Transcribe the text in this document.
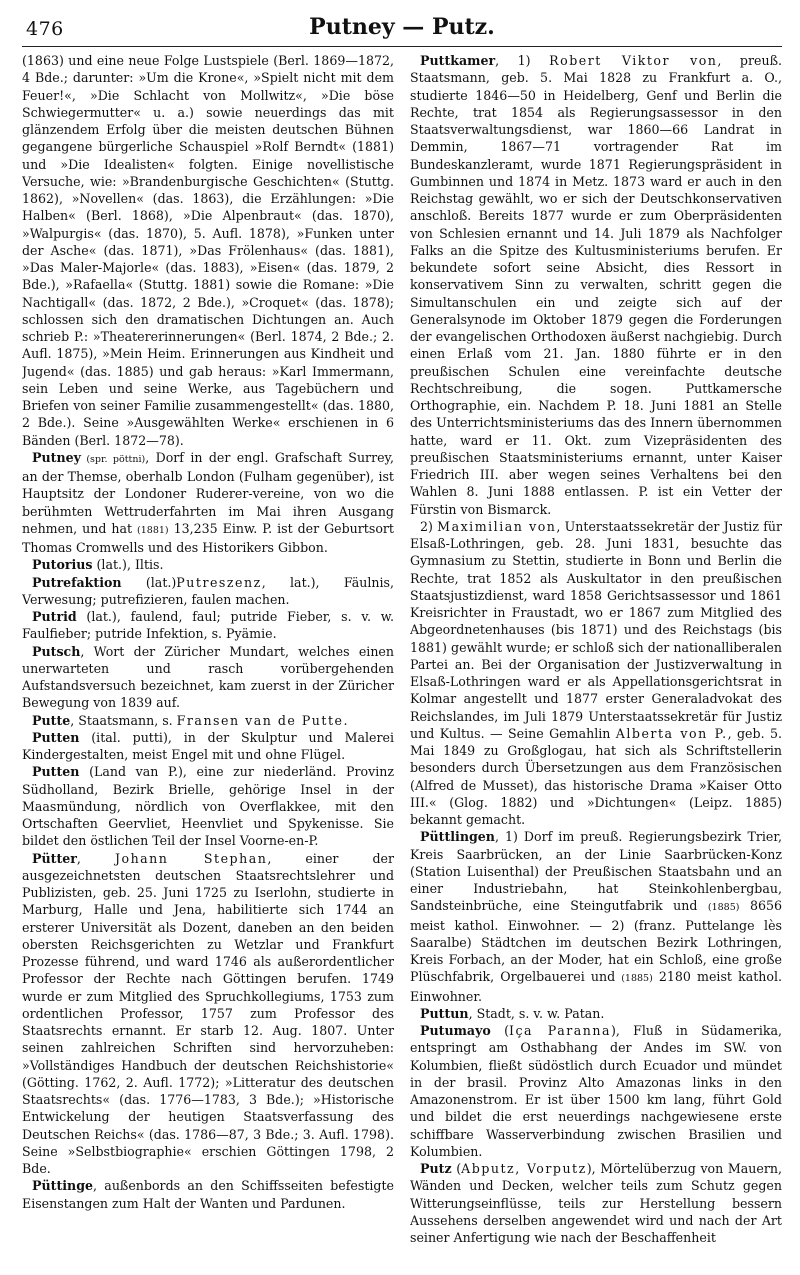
476	Putney — Putz.

(1863) und eine neue Folge Lustspiele (Berl. 1869—1872, 4 Bde.; darunter: »Um die Krone«, »Spielt nicht mit dem Feuer!«, »Die Schlacht von Mollwitz«, »Die böse Schwiegermutter« u. a.) sowie neuerdings das mit glänzendem Erfolg über die meisten deutschen Bühnen gegangene bürgerliche Schauspiel »Rolf Berndt« (1881) und »Die Idealisten« folgten. Einige novellistische Versuche, wie: »Brandenburgische Geschichten« (Stuttg. 1862), »Novellen« (das. 1863), die Erzählungen: »Die Halben« (Berl. 1868), »Die Alpenbraut« (das. 1870), »Walpurgis« (das. 1870), 5. Aufl. 1878), »Funken unter der Asche« (das. 1871), »Das Frölenhaus« (das. 1881), »Das Maler-Majorle« (das. 1883), »Eisen« (das. 1879, 2 Bde.), »Rafaella« (Stuttg. 1881) sowie die Romane: »Die Nachtigall« (das. 1872, 2 Bde.), »Croquet« (das. 1878); schlossen sich den dramatischen Dichtungen an. Auch schrieb P.: »Theatererinnerungen« (Berl. 1874, 2 Bde.; 2. Aufl. 1875), »Mein Heim. Erinnerungen aus Kindheit und Jugend« (das. 1885) und gab heraus: »Karl Immermann, sein Leben und seine Werke, aus Tagebüchern und Briefen von seiner Familie zusammengestellt« (das. 1880, 2 Bde.). Seine »Ausgewählten Werke« erschienen in 6 Bänden (Berl. 1872—78).

Putney (spr. pöttni), Dorf in der engl. Grafschaft Surrey, an der Themse, oberhalb London (Fulham gegenüber), ist Hauptsitz der Londoner Ruderer-vereine, von wo die berühmten Wettruderfahrten im Mai ihren Ausgang nehmen, und hat (1881) 13,235 Einw. P. ist der Geburtsort Thomas Cromwells und des Historikers Gibbon.

Putorius (lat.), Iltis.

Putrefaktion (lat.)Putreszenz, lat.), Fäulnis, Verwesung; putrefizieren, faulen machen.

Putrid (lat.), faulend, faul; putride Fieber, s. v. w. Faulfieber; putride Infektion, s. Pyämie.

Putsch, Wort der Züricher Mundart, welches einen unerwarteten und rasch vorübergehenden Aufstandsversuch bezeichnet, kam zuerst in der Züricher Bewegung von 1839 auf.

Putte, Staatsmann, s. Fransen van de Putte.

Putten (ital. putti), in der Skulptur und Malerei Kindergestalten, meist Engel mit und ohne Flügel.

Putten (Land van P.), eine zur niederländ. Provinz Südholland, Bezirk Brielle, gehörige Insel in der Maasmündung, nördlich von Overflakkee, mit den Ortschaften Geervliet, Heenvliet und Spykenisse. Sie bildet den östlichen Teil der Insel Voorne-en-P.

Pütter, Johann Stephan, einer der ausgezeichnetsten deutschen Staatsrechtslehrer und Publizisten, geb. 25. Juni 1725 zu Iserlohn, studierte in Marburg, Halle und Jena, habilitierte sich 1744 an ersterer Universität als Dozent, daneben an den beiden obersten Reichsgerichten zu Wetzlar und Frankfurt Prozesse führend, und ward 1746 als außerordentlicher Professor der Rechte nach Göttingen berufen. 1749 wurde er zum Mitglied des Spruchkollegiums, 1753 zum ordentlichen Professor, 1757 zum Professor des Staatsrechts ernannt. Er starb 12. Aug. 1807. Unter seinen zahlreichen Schriften sind hervorzuheben: »Vollständiges Handbuch der deutschen Reichshistorie« (Götting. 1762, 2. Aufl. 1772); »Litteratur des deutschen Staatsrechts« (das. 1776—1783, 3 Bde.); »Historische Entwickelung der heutigen Staatsverfassung des Deutschen Reichs« (das. 1786—87, 3 Bde.; 3. Aufl. 1798). Seine »Selbstbiographie« erschien Göttingen 1798, 2 Bde.

Püttinge, außenbords an den Schiffsseiten befestigte Eisenstangen zum Halt der Wanten und Pardunen.

Puttkamer, 1) Robert Viktor von, preuß. Staatsmann, geb. 5. Mai 1828 zu Frankfurt a. O., studierte 1846—50 in Heidelberg, Genf und Berlin die Rechte, trat 1854 als Regierungsassessor in den Staatsverwaltungsdienst, war 1860—66 Landrat in Demmin, 1867—71 vortragender Rat im Bundeskanzleramt, wurde 1871 Regierungspräsident in Gumbinnen und 1874 in Metz. 1873 ward er auch in den Reichstag gewählt, wo er sich der Deutschkonservativen anschloß. Bereits 1877 wurde er zum Oberpräsidenten von Schlesien ernannt und 14. Juli 1879 als Nachfolger Falks an die Spitze des Kultusministeriums berufen. Er bekundete sofort seine Absicht, dies Ressort in konservativem Sinn zu verwalten, schritt gegen die Simultanschulen ein und zeigte sich auf der Generalsynode im Oktober 1879 gegen die Forderungen der evangelischen Orthodoxen äußerst nachgiebig. Durch einen Erlaß vom 21. Jan. 1880 führte er in den preußischen Schulen eine vereinfachte deutsche Rechtschreibung, die sogen. Puttkamersche Orthographie, ein. Nachdem P. 18. Juni 1881 an Stelle des Unterrichtsministeriums das des Innern übernommen hatte, ward er 11. Okt. zum Vizepräsidenten des preußischen Staatsministeriums ernannt, unter Kaiser Friedrich III. aber wegen seines Verhaltens bei den Wahlen 8. Juni 1888 entlassen. P. ist ein Vetter der Fürstin von Bismarck.

2) Maximilian von, Unterstaatssekretär der Justiz für Elsaß-Lothringen, geb. 28. Juni 1831, besuchte das Gymnasium zu Stettin, studierte in Bonn und Berlin die Rechte, trat 1852 als Auskultator in den preußischen Staatsjustizdienst, ward 1858 Gerichtsassessor und 1861 Kreisrichter in Fraustadt, wo er 1867 zum Mitglied des Abgeordnetenhauses (bis 1871) und des Reichstags (bis 1881) gewählt wurde; er schloß sich der nationalliberalen Partei an. Bei der Organisation der Justizverwaltung in Elsaß-Lothringen ward er als Appellationsgerichtsrat in Kolmar angestellt und 1877 erster Generaladvokat des Reichslandes, im Juli 1879 Unterstaatssekretär für Justiz und Kultus. — Seine Gemahlin Alberta von P., geb. 5. Mai 1849 zu Großglogau, hat sich als Schriftstellerin besonders durch Übersetzungen aus dem Französischen (Alfred de Musset), das historische Drama »Kaiser Otto III.« (Glog. 1882) und »Dichtungen« (Leipz. 1885) bekannt gemacht.

Püttlingen, 1) Dorf im preuß. Regierungsbezirk Trier, Kreis Saarbrücken, an der Linie Saarbrücken-Konz (Station Luisenthal) der Preußischen Staatsbahn und an einer Industriebahn, hat Steinkohlenbergbau, Sandsteinbrüche, eine Steingutfabrik und (1885) 8656 meist kathol. Einwohner. — 2) (franz. Puttelange lès Saaralbe) Städtchen im deutschen Bezirk Lothringen, Kreis Forbach, an der Moder, hat ein Schloß, eine große Plüschfabrik, Orgelbauerei und (1885) 2180 meist kathol. Einwohner.

Puttun, Stadt, s. v. w. Patan.

Putumayo (Iça Paranna), Fluß in Südamerika, entspringt am Osthabhang der Andes im SW. von Kolumbien, fließt südöstlich durch Ecuador und mündet in der brasil. Provinz Alto Amazonas links in den Amazonenstrom. Er ist über 1500 km lang, führt Gold und bildet die erst neuerdings nachgewiesene erste schiffbare Wasserverbindung zwischen Brasilien und Kolumbien.

Putz (Abputz, Vorputz), Mörtelüberzug von Mauern, Wänden und Decken, welcher teils zum Schutz gegen Witterungseinflüsse, teils zur Herstellung bessern Aussehens derselben angewendet wird und nach der Art seiner Anfertigung wie nach der Beschaffenheit
